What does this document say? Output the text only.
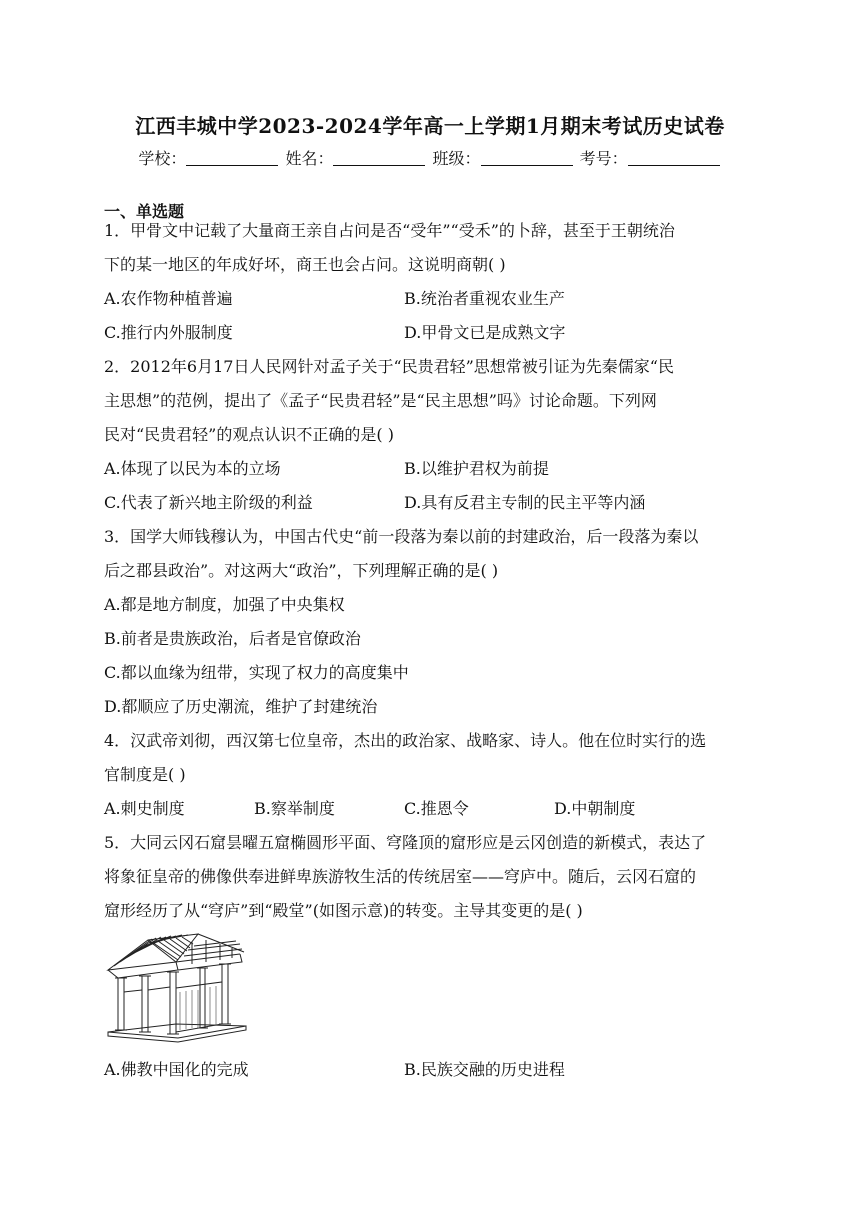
江西丰城中学2023-2024学年高一上学期1月期末考试历史试卷
学校：	姓名：	班级：	考号：
一、单选题
1．甲骨文中记载了大量商王亲自占问是否“受年”“受禾”的卜辞，甚至于王朝统治
下的某一地区的年成好坏，商王也会占问。这说明商朝( )
A.农作物种植普遍	B.统治者重视农业生产
C.推行内外服制度	D.甲骨文已是成熟文字
2．2012年6月17日人民网针对孟子关于“民贵君轻”思想常被引证为先秦儒家“民
主思想”的范例，提出了《孟子“民贵君轻”是“民主思想”吗》讨论命题。下列网
民对“民贵君轻”的观点认识不正确的是( )
A.体现了以民为本的立场	B.以维护君权为前提
C.代表了新兴地主阶级的利益	D.具有反君主专制的民主平等内涵
3．国学大师钱穆认为，中国古代史“前一段落为秦以前的封建政治，后一段落为秦以
后之郡县政治”。对这两大“政治”，下列理解正确的是( )
A.都是地方制度，加强了中央集权
B.前者是贵族政治，后者是官僚政治
C.都以血缘为纽带，实现了权力的高度集中
D.都顺应了历史潮流，维护了封建统治
4．汉武帝刘彻，西汉第七位皇帝，杰出的政治家、战略家、诗人。他在位时实行的选
官制度是( )
A.刺史制度	B.察举制度	C.推恩令	D.中朝制度
5．大同云冈石窟昙曜五窟椭圆形平面、穹隆顶的窟形应是云冈创造的新模式，表达了
将象征皇帝的佛像供奉进鲜卑族游牧生活的传统居室——穹庐中。随后，云冈石窟的
窟形经历了从“穹庐”到“殿堂”(如图示意)的转变。主导其变更的是( )
A.佛教中国化的完成	B.民族交融的历史进程
